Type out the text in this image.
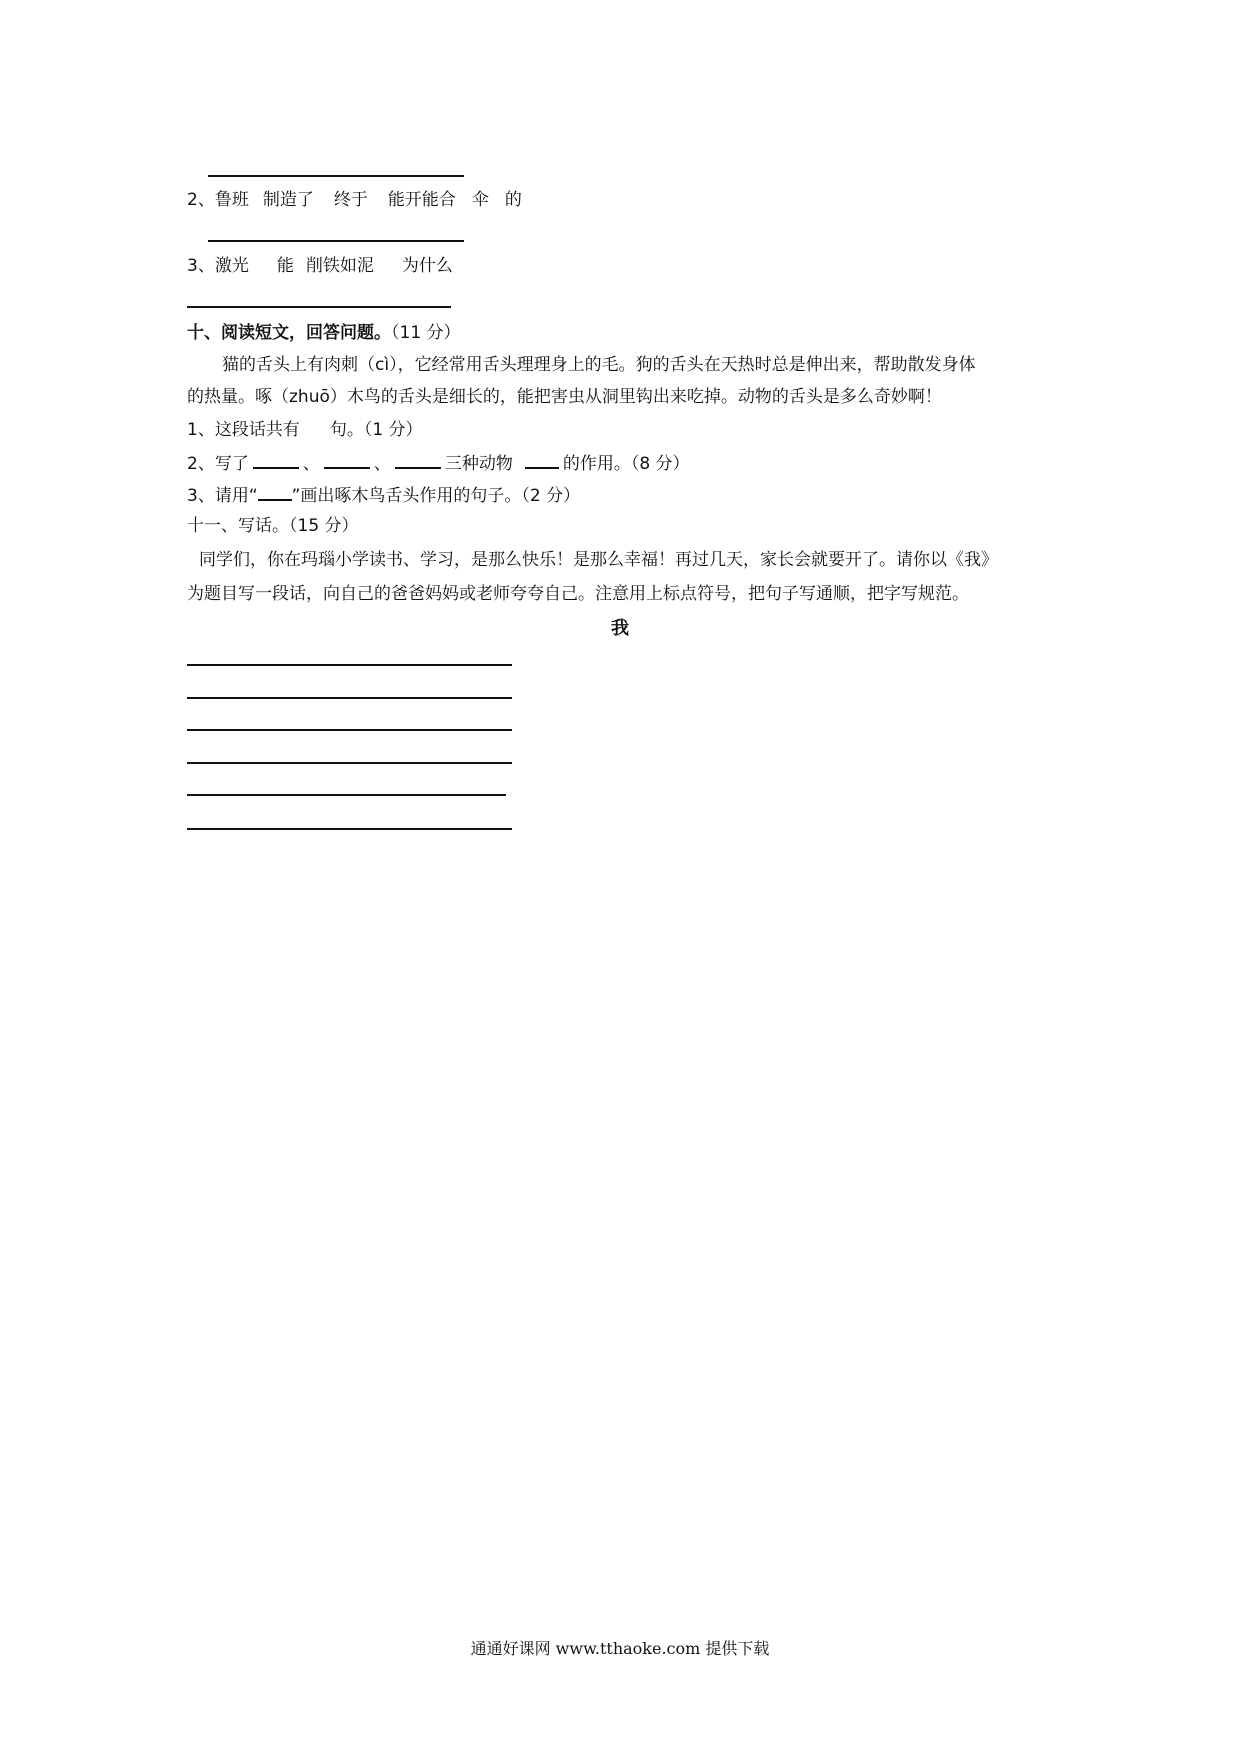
2、鲁班 制造了 终于 能开能合 伞 的
3、激光 能 削铁如泥 为什么
十、阅读短文，回答问题。（11 分）
猫的舌头上有肉刺（cì），它经常用舌头理理身上的毛。狗的舌头在天热时总是伸出来，帮助散发身体
的热量。啄（zhuō）木鸟的舌头是细长的，能把害虫从洞里钩出来吃掉。动物的舌头是多么奇妙啊！
1、这段话共有 句。（1 分）
2、写了	、	、	三种动物	的作用。（8 分）
3、请用“ ”画出啄木鸟舌头作用的句子。（2 分）
十一、写话。（15 分）
同学们，你在玛瑙小学读书、学习，是那么快乐！是那么幸福！再过几天，家长会就要开了。请你以《我》
为题目写一段话，向自己的爸爸妈妈或老师夸夸自己。注意用上标点符号，把句子写通顺，把字写规范。
我
通通好课网 www.tthaoke.com 提供下载
